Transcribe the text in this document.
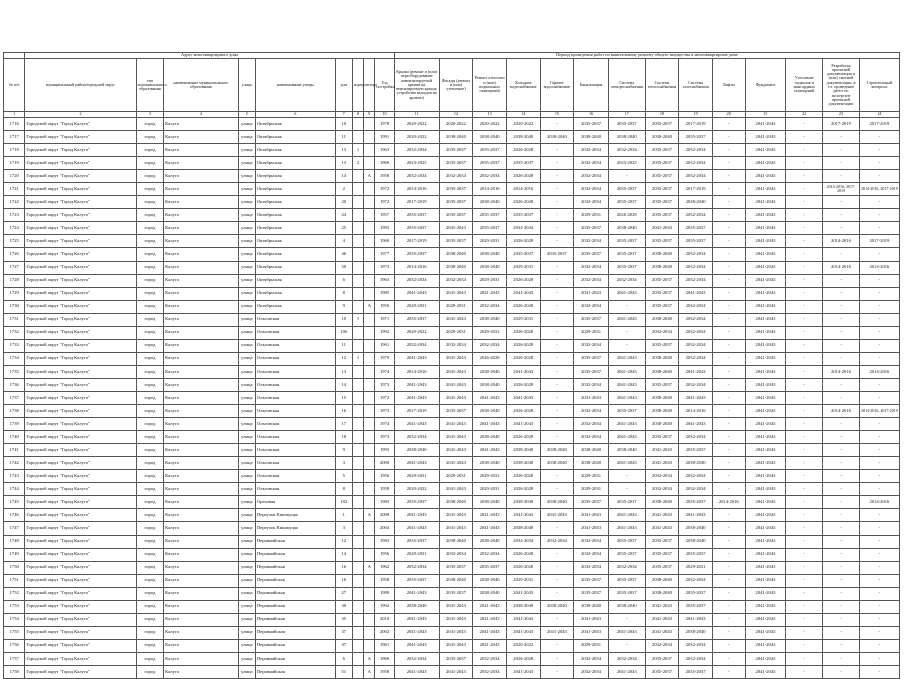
	Адрес многоквартирного дома									Период проведения работ по капитальному ремонту общего имущества в многоквартирном доме													
№ п/п	муниципальный район/городской округ	тип муниципального образования	наименование муниципального образования	улица	наименование улицы	дом	корпус	литера	Год постройки	Крыша (ремонт и (или) переоборудование невентилируемой крыши на вентилируемую крышу, устройство выходов на кровлю)	Фасады (ремонт и (или) утепление)	Ремонт отмостки и (или) подвальных помещений	Холодное водоснабжение	Горячее водоснабжение	Канализация	Система электроснабжения	Система теплоснабжения	Система газоснабжения	Лифты	Фундамент	Утепление подвалов и мансардных помещений	Разработка проектной документации и (или) сметной документации, в т.ч. проведение работ по экспертизе проектной документации	Строительный контроль
1	2	3	4	5	6	7	8	9	10	11	12	13	14	15	16	17	18	19	20	21	22	23	24
1716	Городской округ "Город Калуга"	город	Калуга	улица	Октябрьская	10			1978	2020-2022	2020-2022	2020-2022	2020-2022	-	2035-2037	2035-2037	2035-2037	2017-2019	-	2041-2043	-	2017-2019	2017-2019
1717	Городской округ "Город Калуга"	город	Калуга	улица	Октябрьская	11			1991	2020-2022	2038-2040	2038-2040	2038-2040	2038-2040	2038-2040	2038-2040	2038-2040	2035-2037	-	2041-2043	-	-	-
1718	Городской округ "Город Калуга"	город	Калуга	улица	Октябрьская	13	1		1963	2032-2034	2035-2037	2035-2037	2026-2028	-	2032-2034	2032-2034	2035-2037	2032-2034	-	2041-2043	-	-	-
1719	Городской округ "Город Калуга"	город	Калуга	улица	Октябрьская	13	2		1960	2023-2025	2035-2037	2035-2037	2035-2037	-	2032-2034	2023-2025	2035-2037	2032-2034	-	2041-2043	-	-	-
1720	Городской округ "Город Калуга"	город	Калуга	улица	Октябрьская	14		А	1958	2032-2034	2032-2034	2032-2034	2026-2028	-	2032-2034	-	2035-2037	2032-2034	-	2041-2043	-	-	-
1721	Городской округ "Город Калуга"	город	Калуга	улица	Октябрьская	2			1972	2014-2016	2035-2037	2014-2016	2014-2016	-	2032-2034	2035-2037	2035-2037	2017-2019	-	2041-2043	-	2014-2016, 2017-2019	2014-2016, 2017-2019
1722	Городской округ "Город Калуга"	город	Калуга	улица	Октябрьская	20			1972	2017-2019	2035-2037	2038-2040	2026-2028	-	2032-2034	2035-2037	2035-2037	2038-2040	-	2041-2043	-	-	-
1723	Городской округ "Город Калуга"	город	Калуга	улица	Октябрьская	24			1957	2035-2037	2035-2037	2035-2037	2035-2037	-	2029-2031	2026-2028	2035-2037	2032-2034	-	2041-2043	-	-	-
1724	Городской округ "Город Калуга"	город	Калуга	улица	Октябрьская	25			1993	2035-2037	2041-2043	2035-2037	2032-2034	-	2035-2037	2038-2040	2041-2043	2035-2037	-	2041-2043	-	-	-
1725	Городской округ "Город Калуга"	город	Калуга	улица	Октябрьская	4			1960	2017-2019	2035-2037	2029-2031	2026-2028	-	2032-2034	2035-2037	2035-2037	2035-2037	-	2041-2043	-	2014-2016	2017-2019
1726	Городской округ "Город Калуга"	город	Калуга	улица	Октябрьская	46			1977	2035-2037	2038-2040	2038-2040	2035-2037	2035-2037	2035-2037	2035-2037	2038-2040	2032-2034	-	2041-2043	-	-	-
1727	Городской округ "Город Калуга"	город	Калуга	улица	Октябрьская	50			1973	2014-2016	2038-2040	2038-2040	2029-2031	-	2032-2034	2035-2037	2038-2040	2032-2034	-	2041-2043	-	2014-2016	2014-2016
1728	Городской округ "Город Калуга"	город	Калуга	улица	Октябрьская	6			1963	2032-2034	2032-2034	2029-2031	2026-2028	-	2032-2034	2032-2034	2035-2037	2032-2034	-	2041-2043	-	-	-
1729	Городской округ "Город Калуга"	город	Калуга	улица	Октябрьская	8			1985	2041-2043	2041-2043	2041-2043	2041-2043	-	2041-2043	2041-2043	2035-2037	2041-2043	-	2041-2043	-	-	-
1730	Городской округ "Город Калуга"	город	Калуга	улица	Октябрьская	9		А	1950	2029-2031	2029-2031	2032-2034	2026-2028	-	2032-2034	-	2035-2037	2032-2034	-	2041-2043	-	-	-
1731	Городской округ "Город Калуга"	город	Калуга	улица	Ольговская	10	1		1971	2035-2037	2041-2043	2038-2040	2029-2031	-	2035-2037	2041-2043	2038-2040	2032-2034	-	2041-2043	-	-	-
1732	Городской округ "Город Калуга"	город	Калуга	улица	Ольговская	10б			1992	2020-2022	2029-2031	2029-2031	2026-2028	-	2029-2031	-	2032-2034	2032-2034	-	2041-2043	-	-	-
1733	Городской округ "Город Калуга"	город	Калуга	улица	Ольговская	11			1961	2032-2034	2032-2034	2032-2034	2026-2028	-	2032-2034	-	2035-2037	2032-2034	-	2041-2043	-	-	-
1734	Городской округ "Город Калуга"	город	Калуга	улица	Ольговская	12	1		1979	2041-2043	2041-2043	2026-2028	2026-2028	-	2035-2037	2041-2043	2038-2040	2032-2034	-	2041-2043	-	-	-
1735	Городской округ "Город Калуга"	город	Калуга	улица	Ольговская	13			1974	2014-2016	2041-2043	2038-2040	2041-2043	-	2035-2037	2041-2043	2038-2040	2041-2043	-	2041-2043	-	2014-2016	2014-2016
1736	Городской округ "Город Калуга"	город	Калуга	улица	Ольговская	14			1973	2041-2043	2041-2043	2038-2040	2026-2028	-	2032-2034	2041-2043	2035-2037	2032-2034	-	2041-2043	-	-	-
1737	Городской округ "Город Калуга"	город	Калуга	улица	Ольговская	15			1972	2041-2043	2041-2043	2041-2043	2041-2043	-	2041-2043	2041-2043	2038-2040	2041-2043	-	2041-2043	-	-	-
1738	Городской округ "Город Калуга"	город	Калуга	улица	Ольговская	16			1973	2017-2019	2035-2037	2038-2040	2026-2028	-	2032-2034	2035-2037	2038-2040	2014-2016	-	2041-2043	-	2014-2016	2014-2016, 2017-2019
1739	Городской округ "Город Калуга"	город	Калуга	улица	Ольговская	17			1974	2041-2043	2041-2043	2041-2043	2041-2043	-	2032-2034	2041-2043	2038-2040	2041-2043	-	2041-2043	-	-	-
1740	Городской округ "Город Калуга"	город	Калуга	улица	Ольговская	18			1973	2032-2034	2041-2043	2038-2040	2026-2028	-	2032-2034	2041-2043	2035-2037	2032-2034	-	2041-2043	-	-	-
1741	Городской округ "Город Калуга"	город	Калуга	улица	Ольговская	9			1993	2038-2040	2041-2043	2041-2043	2038-2040	2038-2040	2038-2040	2038-2040	2041-2043	2035-2037	-	2041-2043	-	-	-
1742	Городской округ "Город Калуга"	город	Калуга	улица	Ольговская	3			2000	2041-2043	2041-2043	2038-2040	2038-2040	2038-2040	2038-2040	2041-2043	2041-2043	2038-2040	-	2041-2043	-	-	-
1743	Городской округ "Город Калуга"	город	Калуга	улица	Ольговская	5			1956	2029-2031	2029-2031	2029-2031	2026-2028	-	2029-2031	-	2032-2034	2032-2034	-	2041-2043	-	-	-
1744	Городской округ "Город Калуга"	город	Калуга	улица	Ольговская	8			1958	2020-2022	2041-2043	2029-2031	2026-2028	-	2029-2031	-	2032-2034	2032-2034	-	2041-2043	-	-	-
1745	Городской округ "Город Калуга"	город	Калуга	улица	Ореховая	102			1983	2035-2037	2038-2040	2038-2040	2038-2040	2038-2040	2035-2037	2035-2037	2038-2040	2035-2037	2014-2016	2041-2043	-	-	2014-2016
1746	Городской округ "Город Калуга"	город	Калуга	улица	Переулок Кинокуцко	1		А	2008	2041-2043	2041-2043	2041-2043	2041-2043	2041-2043	2041-2043	2041-2043	2041-2043	2041-2043	-	2041-2043	-	-	-
1747	Городской округ "Город Калуга"	город	Калуга	улица	Переулок Кинокуцко	3			2004	2041-2043	2041-2043	2041-2043	2038-2040	-	2041-2043	2041-2043	2041-2043	2038-2040	-	2041-2043	-	-	-
1748	Городской округ "Город Калуга"	город	Калуга	улица	Перовнийская	12			1983	2035-2037	2038-2040	2038-2040	2032-2034	2032-2034	2032-2034	2035-2037	2035-2037	2038-2040	-	2041-2043	-	-	-
1749	Городской округ "Город Калуга"	город	Калуга	улица	Перовнийская	14			1956	2029-2031	2032-2034	2032-2034	2026-2028	-	2032-2034	2035-2037	2035-2037	2035-2037	-	2041-2043	-	-	-
1750	Городской округ "Город Калуга"	город	Калуга	улица	Перовнийская	16		А	1962	2032-2034	2035-2037	2035-2037	2026-2028	-	2032-2034	2032-2034	2035-2037	2029-2031	-	2041-2043	-	-	-
1751	Городской округ "Город Калуга"	город	Калуга	улица	Перовнийская	16			1958	2035-2037	2038-2040	2038-2040	2029-2031	-	2035-2037	2035-2037	2038-2040	2032-2034	-	2041-2043	-	-	-
1752	Городской округ "Город Калуга"	город	Калуга	улица	Перовнийская	27			1980	2041-2043	2035-2037	2038-2040	2041-2043	-	2035-2037	2035-2037	2038-2040	2035-2037	-	2041-2043	-	-	-
1753	Городской округ "Город Калуга"	город	Калуга	улица	Перовнийская	30			1992	2038-2040	2041-2043	2041-2043	2038-2040	2038-2040	2038-2040	2038-2040	2041-2043	2035-2037	-	2041-2043	-	-	-
1754	Городской округ "Город Калуга"	город	Калуга	улица	Перовнийская	35			2010	2041-2043	2041-2043	2041-2043	2041-2043	-	2041-2043	-	2041-2043	2041-2043	-	2041-2043	-	-	-
1755	Городской округ "Город Калуга"	город	Калуга	улица	Перовнийская	37			2002	2041-2043	2041-2043	2041-2043	2041-2043	2041-2043	2041-2043	2041-2043	2041-2043	2038-2040	-	2041-2043	-	-	-
1756	Городской округ "Город Калуга"	город	Калуга	улица	Перовнийская	47			1961	2041-2043	2041-2043	2041-2043	2020-2022	-	2029-2031	-	2032-2034	2032-2034	-	2041-2043	-	-	-
1757	Городской округ "Город Калуга"	город	Калуга	улица	Перовнийская	6		А	1960	2032-2034	2035-2037	2032-2034	2026-2028	-	2032-2034	2032-2034	2035-2037	2032-2034	-	2041-2043	-	-	-
1758	Городской округ "Город Калуга"	город	Калуга	улица	Перовнийская	51		А	1958	2041-2043	2041-2043	2032-2034	2041-2043	-	2032-2034	2041-2043	2035-2037	2035-2037	-	2041-2043	-	-	-
